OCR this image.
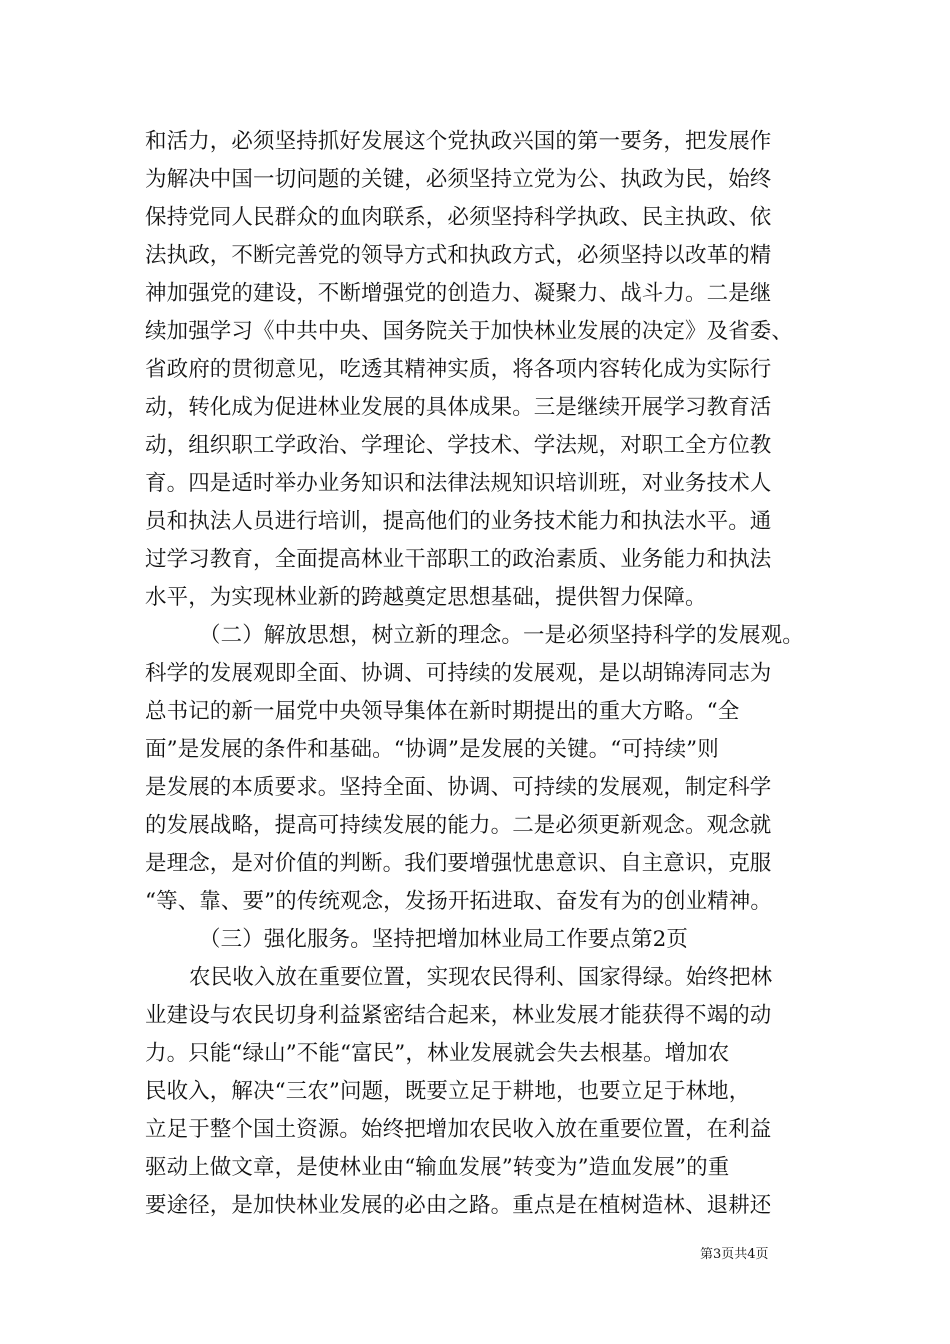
和活力，必须坚持抓好发展这个党执政兴国的第一要务，把发展作
为解决中国一切问题的关键，必须坚持立党为公、执政为民，始终
保持党同人民群众的血肉联系，必须坚持科学执政、民主执政、依
法执政，不断完善党的领导方式和执政方式，必须坚持以改革的精
神加强党的建设，不断增强党的创造力、凝聚力、战斗力。二是继
续加强学习《中共中央、国务院关于加快林业发展的决定》及省委、
省政府的贯彻意见，吃透其精神实质，将各项内容转化成为实际行
动，转化成为促进林业发展的具体成果。三是继续开展学习教育活
动，组织职工学政治、学理论、学技术、学法规，对职工全方位教
育。四是适时举办业务知识和法律法规知识培训班，对业务技术人
员和执法人员进行培训，提高他们的业务技术能力和执法水平。通
过学习教育，全面提高林业干部职工的政治素质、业务能力和执法
水平，为实现林业新的跨越奠定思想基础，提供智力保障。
（二）解放思想，树立新的理念。一是必须坚持科学的发展观。
科学的发展观即全面、协调、可持续的发展观，是以胡锦涛同志为
总书记的新一届党中央领导集体在新时期提出的重大方略。“全
面”是发展的条件和基础。“协调”是发展的关键。“可持续”则
是发展的本质要求。坚持全面、协调、可持续的发展观，制定科学
的发展战略，提高可持续发展的能力。二是必须更新观念。观念就
是理念，是对价值的判断。我们要增强忧患意识、自主意识，克服
“等、靠、要”的传统观念，发扬开拓进取、奋发有为的创业精神。
（三）强化服务。坚持把增加林业局工作要点第2页
农民收入放在重要位置，实现农民得利、国家得绿。始终把林
业建设与农民切身利益紧密结合起来，林业发展才能获得不竭的动
力。只能“绿山”不能“富民”，林业发展就会失去根基。增加农
民收入，解决“三农”问题，既要立足于耕地，也要立足于林地，
立足于整个国土资源。始终把增加农民收入放在重要位置，在利益
驱动上做文章，是使林业由“输血发展”转变为”造血发展”的重
要途径，是加快林业发展的必由之路。重点是在植树造林、退耕还
第3页共4页
